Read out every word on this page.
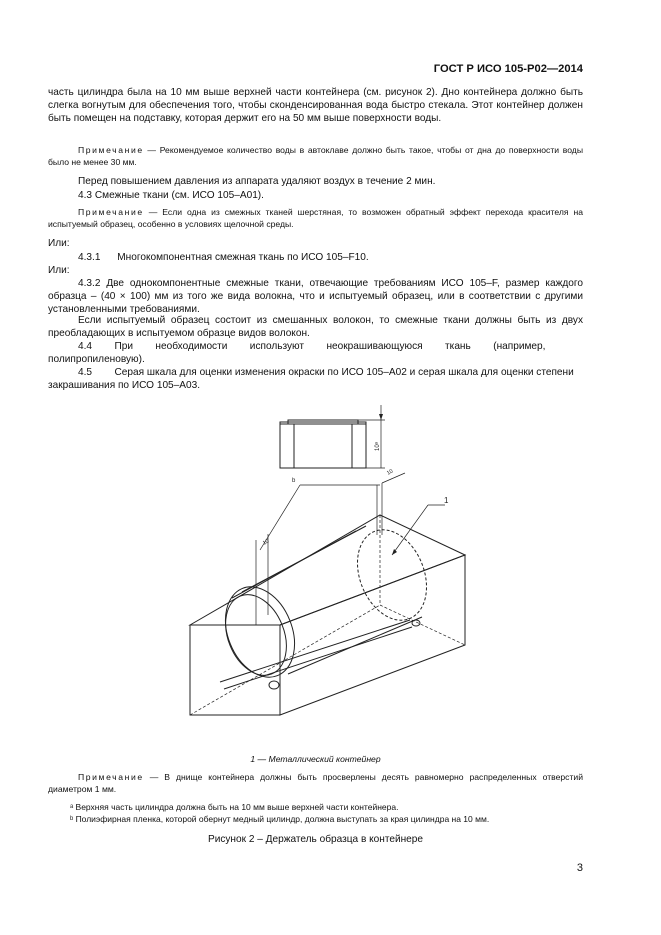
ГОСТ Р ИСО 105-Р02—2014
часть цилиндра была на 10 мм выше верхней части контейнера (см. рисунок 2). Дно контейнера должно быть слегка вогнутым для обеспечения того, чтобы сконденсированная вода быстро стекала. Этот контейнер должен быть помещен на подставку, которая держит его на 50 мм выше поверхности воды.
Примечание — Рекомендуемое количество воды в автоклаве должно быть такое, чтобы от дна до поверхности воды было не менее 30 мм.
Перед повышением давления из аппарата удаляют воздух в течение 2 мин.
4.3 Смежные ткани (см. ИСО 105–А01).
Примечание — Если одна из смежных тканей шерстяная, то возможен обратный эффект перехода красителя на испытуемый образец, особенно в условиях щелочной среды.
Или:
4.3.1      Многокомпонентная смежная ткань по ИСО 105–F10.
Или:
4.3.2 Две однокомпонентные смежные ткани, отвечающие требованиям ИСО 105–F, размер каждого образца – (40 × 100) мм из того же вида волокна, что и испытуемый образец, или в соответствии с другими установленными требованиями.
Если испытуемый образец состоит из смешанных волокон, то смежные ткани должны быть из двух преобладающих в испытуемом образце видов волокон.
4.4        При        необходимости        используют        неокрашивающуюся        ткань        (например, полипропиленовую).
4.5        Серая шкала для оценки изменения окраски по ИСО 105–А02 и серая шкала для оценки степени закрашивания по ИСО 105–А03.
10ᵃ
b
1
10
10
1 — Металлический контейнер
Примечание — В днище контейнера должны быть просверлены десять равномерно распределенных отверстий диаметром 1 мм.
ᵃ Верхняя часть цилиндра должна быть на 10 мм выше верхней части контейнера.
ᵇ Полиэфирная пленка, которой обернут медный цилиндр, должна выступать за края цилиндра на 10 мм.
Рисунок 2 – Держатель образца в контейнере
3
